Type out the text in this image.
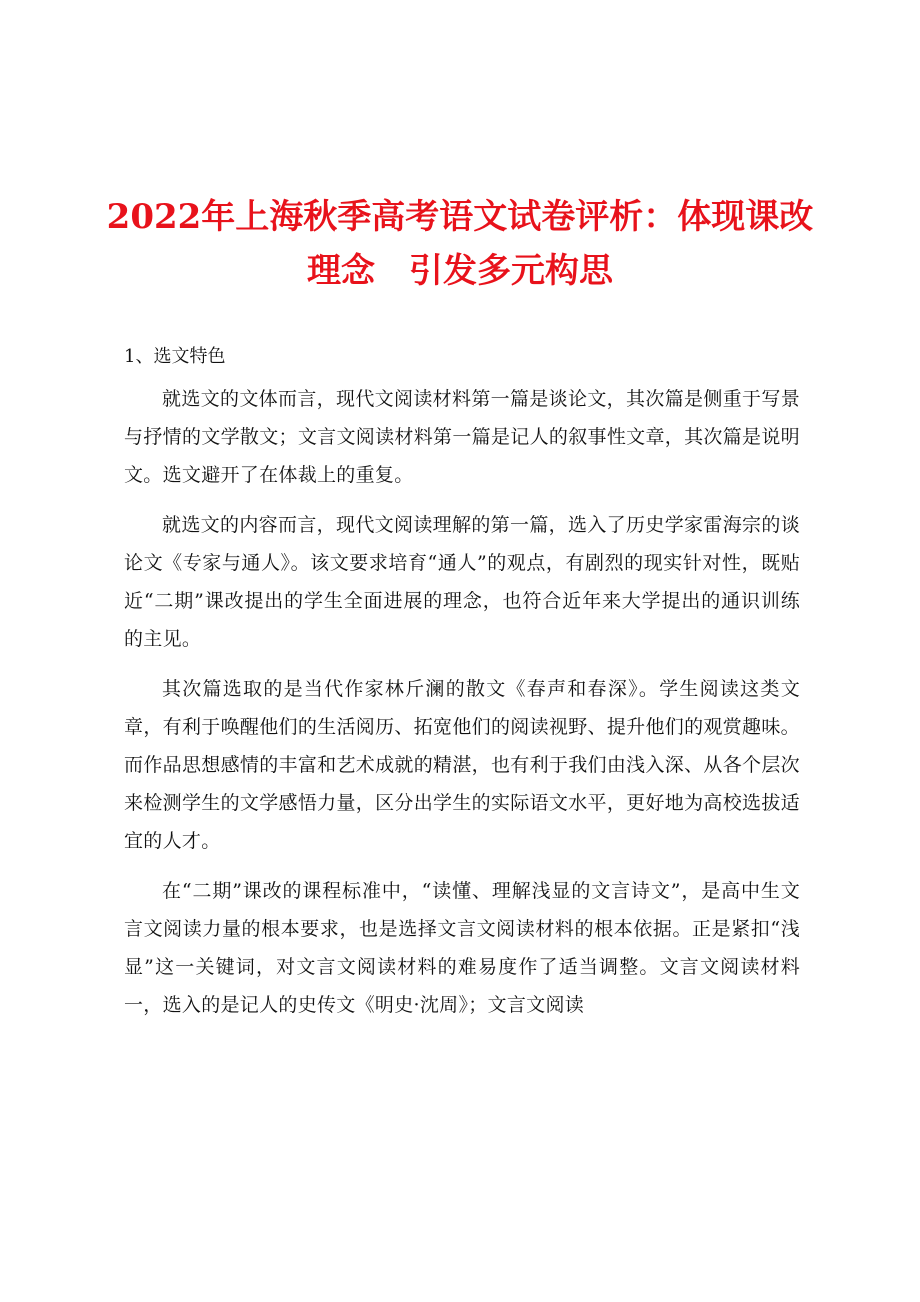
2022年上海秋季高考语文试卷评析：体现课改
理念　引发多元构思

1、选文特色

就选文的文体而言，现代文阅读材料第一篇是谈论文，其次篇是侧重于写景与抒情的文学散文；文言文阅读材料第一篇是记人的叙事性文章，其次篇是说明文。选文避开了在体裁上的重复。

就选文的内容而言，现代文阅读理解的第一篇，选入了历史学家雷海宗的谈论文《专家与通人》。该文要求培育“通人”的观点，有剧烈的现实针对性，既贴近“二期”课改提出的学生全面进展的理念，也符合近年来大学提出的通识训练的主见。

其次篇选取的是当代作家林斤澜的散文《春声和春深》。学生阅读这类文章，有利于唤醒他们的生活阅历、拓宽他们的阅读视野、提升他们的观赏趣味。而作品思想感情的丰富和艺术成就的精湛，也有利于我们由浅入深、从各个层次来检测学生的文学感悟力量，区分出学生的实际语文水平，更好地为高校选拔适宜的人才。

在“二期”课改的课程标准中，“读懂、理解浅显的文言诗文”，是高中生文言文阅读力量的根本要求，也是选择文言文阅读材料的根本依据。正是紧扣“浅显”这一关键词，对文言文阅读材料的难易度作了适当调整。文言文阅读材料一，选入的是记人的史传文《明史·沈周》；文言文阅读
